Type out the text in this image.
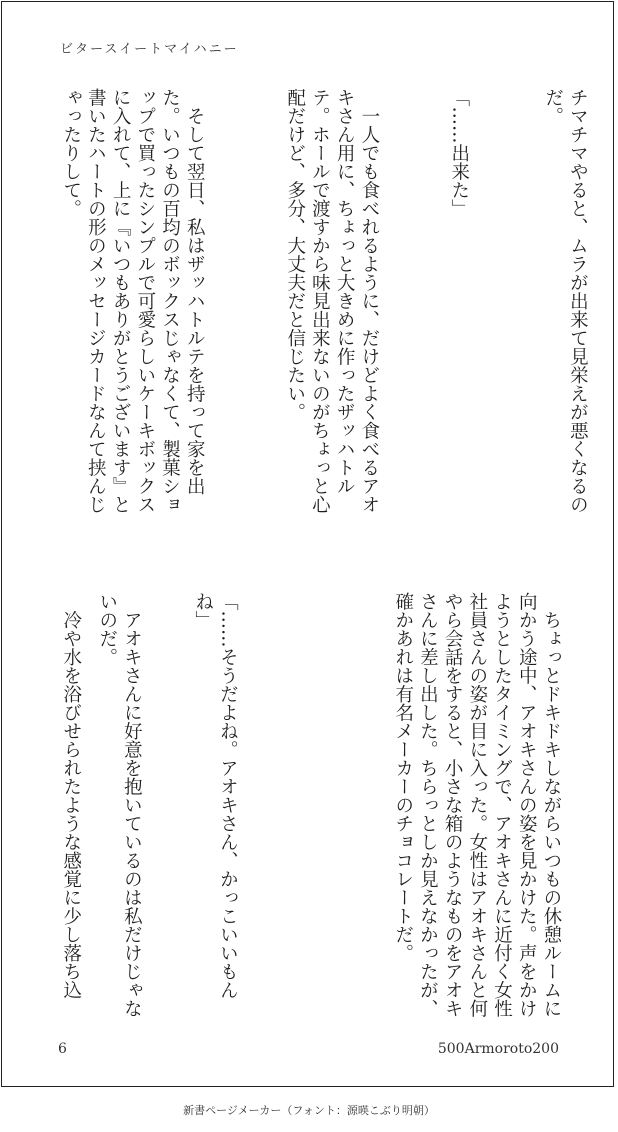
ビタースイートマイハニー
チマチマやると、ムラが出来て見栄えが悪くなるのだ。
「……出来た」
　一人でも食べれるように、だけどよく食べるアオキさん用に、ちょっと大きめに作ったザッハトルテ。ホールで渡すから味見出来ないのがちょっと心配だけど、多分、大丈夫だと信じたい。
　そして翌日、私はザッハトルテを持って家を出た。いつもの百均のボックスじゃなくて、製菓ショップで買ったシンプルで可愛らしいケーキボックスに入れて、上に『いつもありがとうございます』と書いたハートの形のメッセージカードなんて挟んじゃったりして。
　ちょっとドキドキしながらいつもの休憩ルームに向かう途中、アオキさんの姿を見かけた。声をかけようとしたタイミングで、アオキさんに近付く女性社員さんの姿が目に入った。女性はアオキさんと何やら会話をすると、小さな箱のようなものをアオキさんに差し出した。ちらっとしか見えなかったが、確かあれは有名メーカーのチョコレートだ。
「……そうだよね。アオキさん、かっこいいもんね」
　アオキさんに好意を抱いているのは私だけじゃないのだ。
　冷や水を浴びせられたような感覚に少し落ち込
6	500Armoroto200
新書ページメーカー（フォント：源暎こぶり明朝）
